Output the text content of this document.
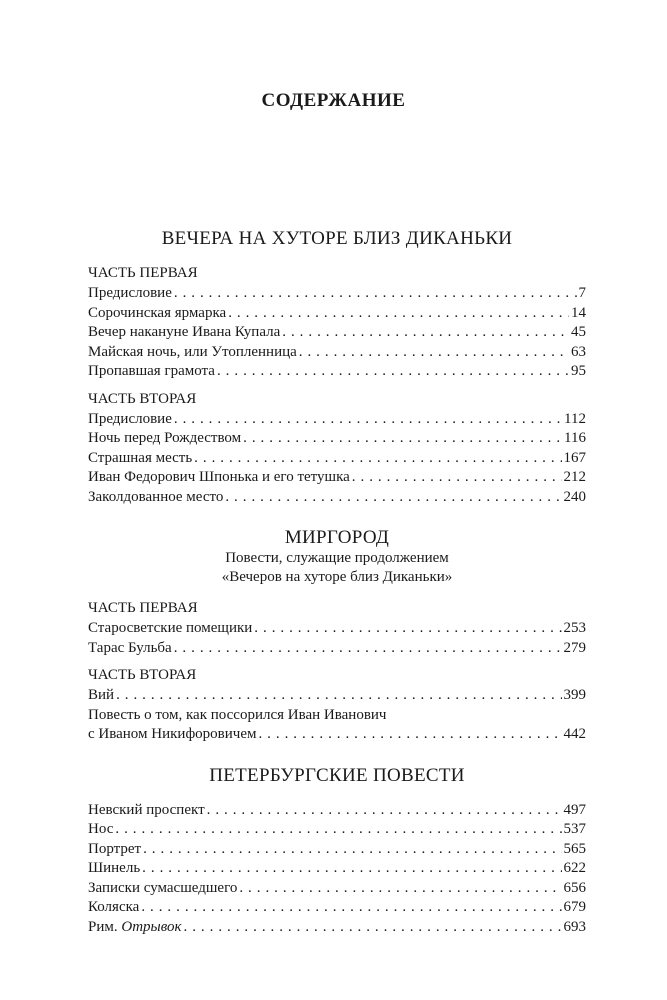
СОДЕРЖАНИЕ
ВЕЧЕРА НА ХУТОРЕ БЛИЗ ДИКАНЬКИ
ЧАСТЬ ПЕРВАЯ
Предисловие . . .	7
Сорочинская ярмарка . . .	14
Вечер накануне Ивана Купала . . .	45
Майская ночь, или Утопленница . . .	63
Пропавшая грамота . . .	95
ЧАСТЬ ВТОРАЯ
Предисловие . . .	112
Ночь перед Рождеством . . .	116
Страшная месть . . .	167
Иван Федорович Шпонька и его тетушка . . .	212
Заколдованное место . . .	240
МИРГОРОД
Повести, служащие продолжением
«Вечеров на хуторе близ Диканьки»
ЧАСТЬ ПЕРВАЯ
Старосветские помещики . . .	253
Тарас Бульба . . .	279
ЧАСТЬ ВТОРАЯ
Вий . . .	399
Повесть о том, как поссорился Иван Иванович
с Иваном Никифоровичем . . .	442
ПЕТЕРБУРГСКИЕ ПОВЕСТИ
Невский проспект . . .	497
Нос . . .	537
Портрет . . .	565
Шинель . . .	622
Записки сумасшедшего . . .	656
Коляска . . .	679
Рим. Отрывок . . .	693
